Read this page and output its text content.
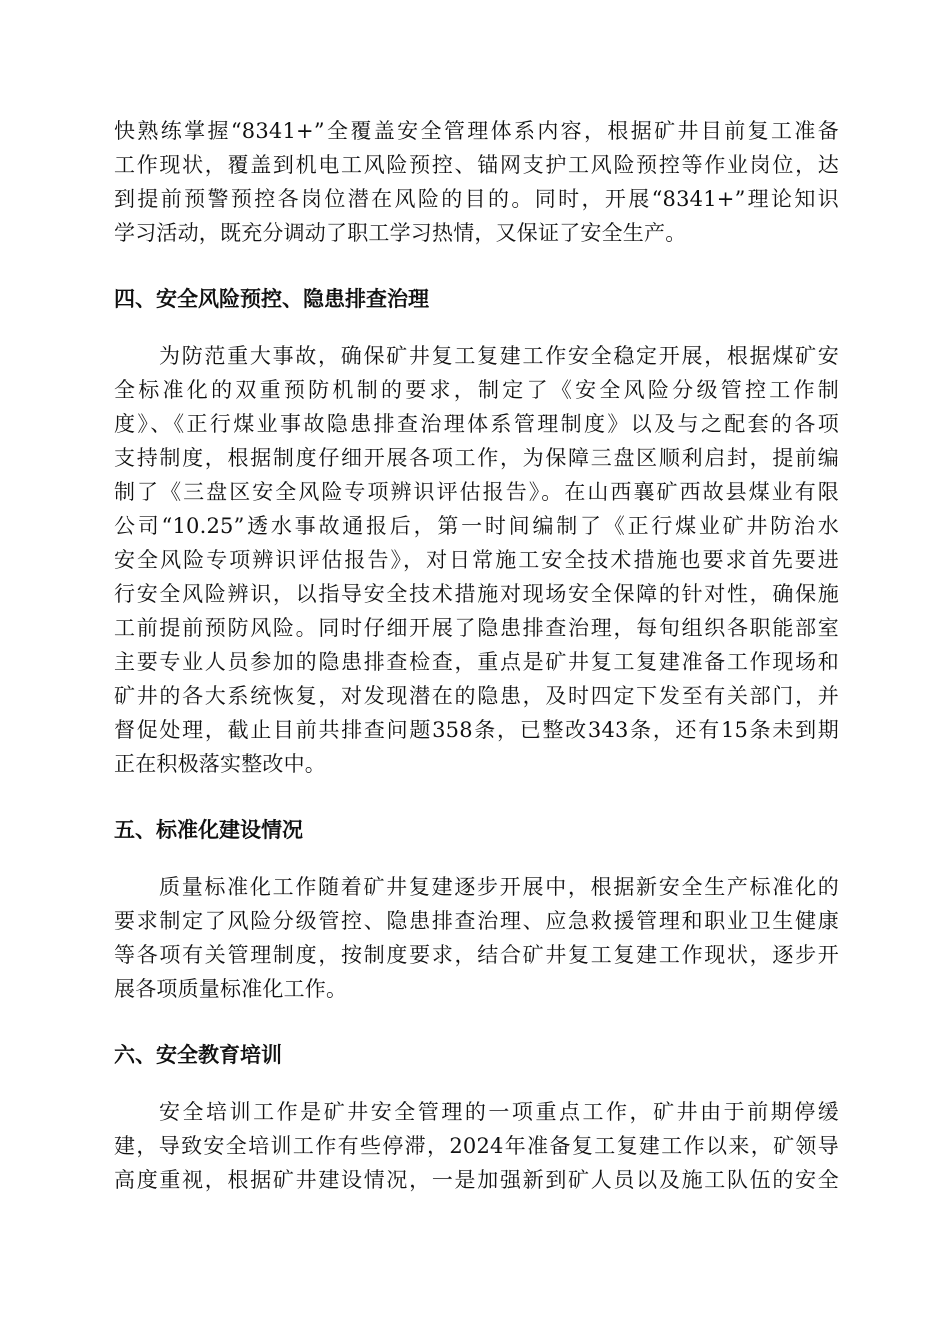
快熟练掌握“8341+”全覆盖安全管理体系内容，根据矿井目前复工准备
工作现状，覆盖到机电工风险预控、锚网支护工风险预控等作业岗位，达
到提前预警预控各岗位潜在风险的目的。同时，开展“8341+”理论知识
学习活动，既充分调动了职工学习热情，又保证了安全生产。
四、安全风险预控、隐患排查治理
为防范重大事故，确保矿井复工复建工作安全稳定开展，根据煤矿安
全标准化的双重预防机制的要求，制定了《安全风险分级管控工作制
度》、《正行煤业事故隐患排查治理体系管理制度》以及与之配套的各项
支持制度，根据制度仔细开展各项工作，为保障三盘区顺利启封，提前编
制了《三盘区安全风险专项辨识评估报告》。在山西襄矿西故县煤业有限
公司“10.25”透水事故通报后，第一时间编制了《正行煤业矿井防治水
安全风险专项辨识评估报告》，对日常施工安全技术措施也要求首先要进
行安全风险辨识，以指导安全技术措施对现场安全保障的针对性，确保施
工前提前预防风险。同时仔细开展了隐患排查治理，每旬组织各职能部室
主要专业人员参加的隐患排查检查，重点是矿井复工复建准备工作现场和
矿井的各大系统恢复，对发现潜在的隐患，及时四定下发至有关部门，并
督促处理，截止目前共排查问题358条，已整改343条，还有15条未到期
正在积极落实整改中。
五、标准化建设情况
质量标准化工作随着矿井复建逐步开展中，根据新安全生产标准化的
要求制定了风险分级管控、隐患排查治理、应急救援管理和职业卫生健康
等各项有关管理制度，按制度要求，结合矿井复工复建工作现状，逐步开
展各项质量标准化工作。
六、安全教育培训
安全培训工作是矿井安全管理的一项重点工作，矿井由于前期停缓
建，导致安全培训工作有些停滞，2024年准备复工复建工作以来，矿领导
高度重视，根据矿井建设情况，一是加强新到矿人员以及施工队伍的安全
